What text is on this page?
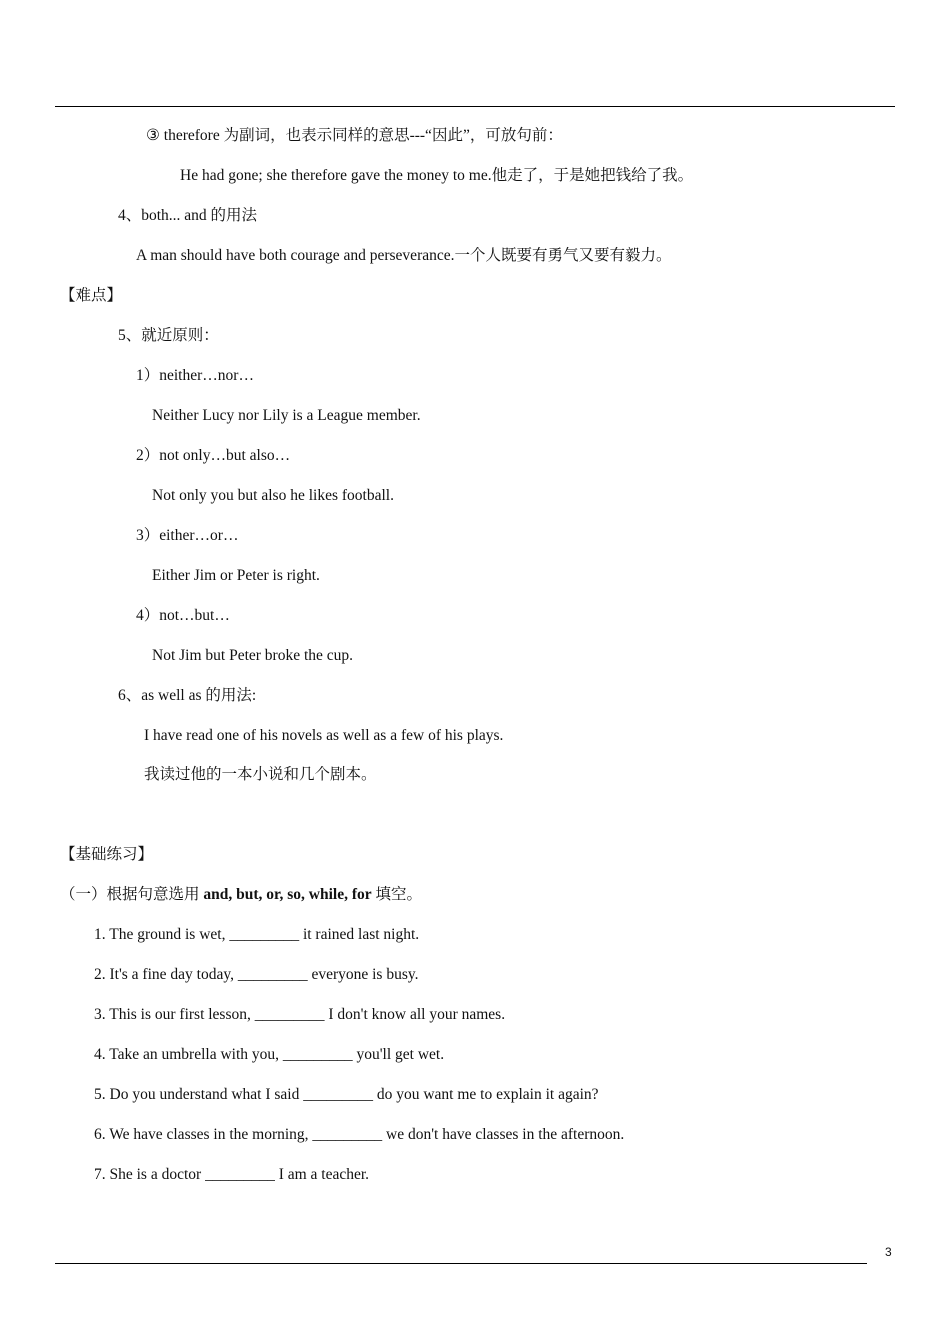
③ therefore 为副词，也表示同样的意思---“因此”，可放句前：
He had gone; she therefore gave the money to me.他走了，于是她把钱给了我。
4、both... and 的用法
A man should have both courage and perseverance.一个人既要有勇气又要有毅力。
【难点】
5、就近原则：
1）neither…nor…
Neither Lucy nor Lily is a League member.
2）not only…but also…
Not only you but also he likes football.
3）either…or…
Either Jim or Peter is right.
4）not…but…
Not Jim but Peter broke the cup.
6、as well as 的用法:
I have read one of his novels as well as a few of his plays.
我读过他的一本小说和几个剧本。
【基础练习】
（一）根据句意选用 and, but, or, so, while, for 填空。
1. The ground is wet, _________ it rained last night.
2. It's a fine day today, _________ everyone is busy.
3. This is our first lesson, _________ I don't know all your names.
4. Take an umbrella with you, _________ you'll get wet.
5. Do you understand what I said _________ do you want me to explain it again?
6. We have classes in the morning, _________ we don't have classes in the afternoon.
7. She is a doctor _________ I am a teacher.
3
